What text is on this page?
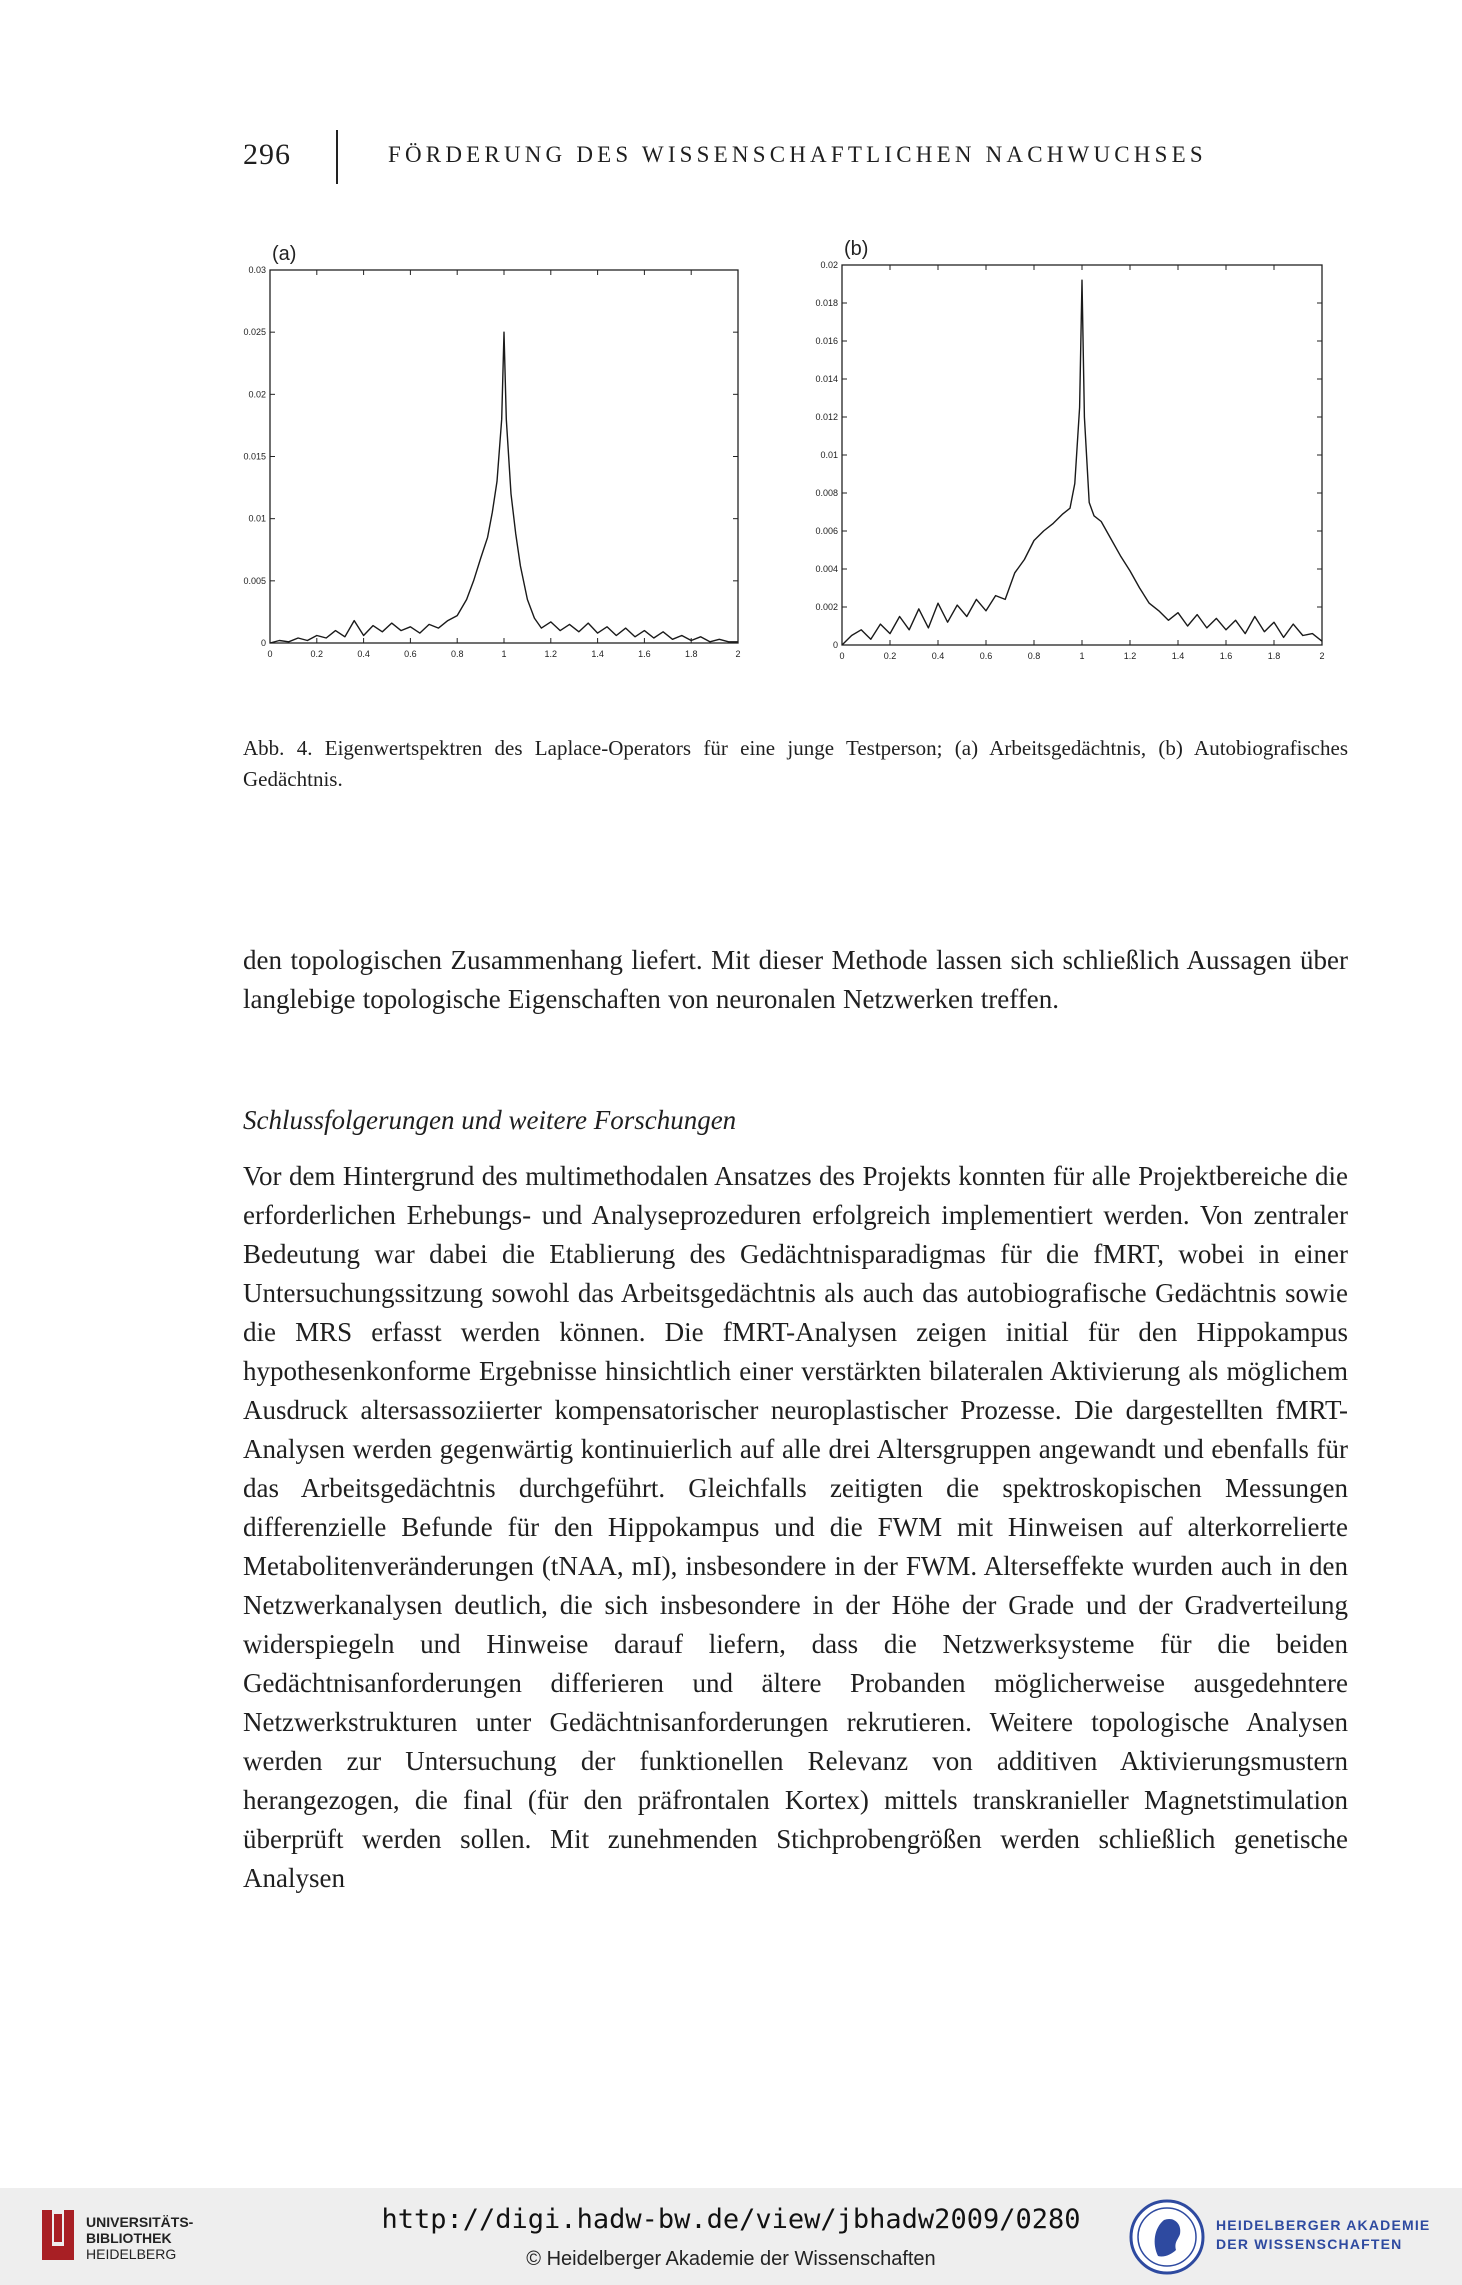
296	FÖRDERUNG DES WISSENSCHAFTLICHEN NACHWUCHSES
(a)
0	0.2	0.4	0.6	0.8	1	1.2	1.4	1.6	1.8	2
0
0.005
0.01
0.015
0.02
0.025
0.03
(b)
0	0.2	0.4	0.6	0.8	1	1.2	1.4	1.6	1.8	2
0
0.002
0.004
0.006
0.008
0.01
0.012
0.014
0.016
0.018
0.02
Abb. 4. Eigenwertspektren des Laplace-Operators für eine junge Testperson; (a) Arbeitsgedächtnis, (b) Autobiografisches Gedächtnis.
den topologischen Zusammenhang liefert. Mit dieser Methode lassen sich schließlich Aussagen über langlebige topologische Eigenschaften von neuronalen Netzwerken treffen.
Schlussfolgerungen und weitere Forschungen
Vor dem Hintergrund des multimethodalen Ansatzes des Projekts konnten für alle Projektbereiche die erforderlichen Erhebungs- und Analyseprozeduren erfolgreich implementiert werden. Von zentraler Bedeutung war dabei die Etablierung des Gedächtnisparadigmas für die fMRT, wobei in einer Untersuchungssitzung sowohl das Arbeitsgedächtnis als auch das autobiografische Gedächtnis sowie die MRS erfasst werden können. Die fMRT-Analysen zeigen initial für den Hippokampus hypothesenkonforme Ergebnisse hinsichtlich einer verstärkten bilateralen Aktivierung als möglichem Ausdruck altersassoziierter kompensatorischer neuroplastischer Prozesse. Die dargestellten fMRT-Analysen werden gegenwärtig kontinuierlich auf alle drei Altersgruppen angewandt und ebenfalls für das Arbeitsgedächtnis durchgeführt. Gleichfalls zeitigten die spektroskopischen Messungen differenzielle Befunde für den Hippokampus und die FWM mit Hinweisen auf alterkorrelierte Metabolitenveränderungen (tNAA, mI), insbesondere in der FWM. Alterseffekte wurden auch in den Netzwerkanalysen deutlich, die sich insbesondere in der Höhe der Grade und der Gradverteilung widerspiegeln und Hinweise darauf liefern, dass die Netzwerksysteme für die beiden Gedächtnisanforderungen differieren und ältere Probanden möglicherweise ausgedehntere Netzwerkstrukturen unter Gedächtnisanforderungen rekrutieren. Weitere topologische Analysen werden zur Untersuchung der funktionellen Relevanz von additiven Aktivierungsmustern herangezogen, die final (für den präfrontalen Kortex) mittels transkranieller Magnetstimulation überprüft werden sollen. Mit zunehmenden Stichprobengrößen werden schließlich genetische Analysen
UNIVERSITÄTS-
BIBLIOTHEK
HEIDELBERG
http://digi.hadw-bw.de/view/jbhadw2009/0280
© Heidelberger Akademie der Wissenschaften
HEIDELBERGER AKADEMIE
DER WISSENSCHAFTEN
